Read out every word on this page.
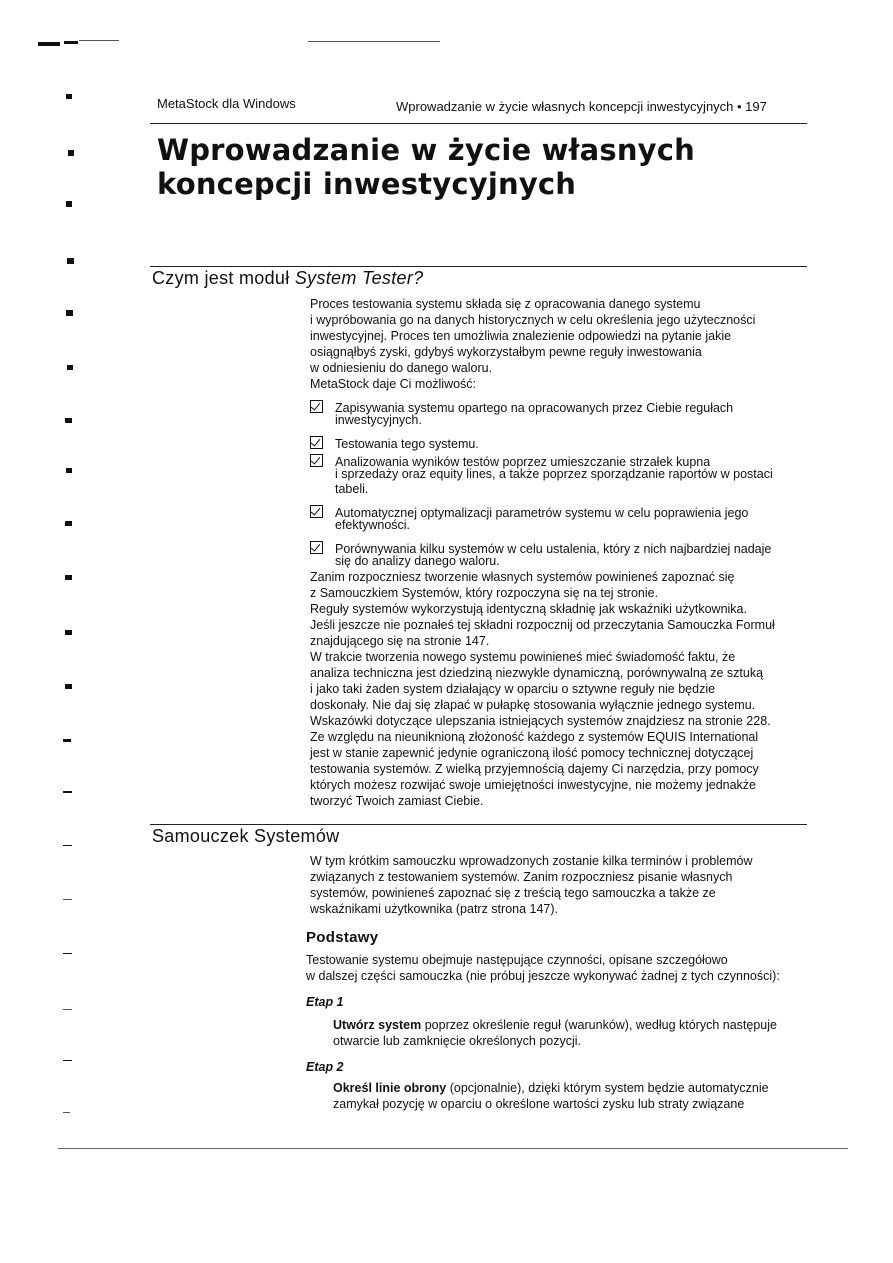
MetaStock dla Windows	Wprowadzanie w życie własnych koncepcji inwestycyjnych • 197
Wprowadzanie w życie własnych
koncepcji inwestycyjnych
Czym jest moduł System Tester?

Proces testowania systemu składa się z opracowania danego systemu

i wypróbowania go na danych historycznych w celu określenia jego użyteczności

inwestycyjnej. Proces ten umożliwia znalezienie odpowiedzi na pytanie jakie

osiągnąłbyś zyski, gdybyś wykorzystałbym pewne reguły inwestowania

w odniesieniu do danego waloru.

MetaStock daje Ci możliwość:

Zapisywania systemu opartego na opracowanych przez Ciebie regułach
inwestycyjnych.
Testowania tego systemu.
Analizowania wyników testów poprzez umieszczanie strzałek kupna
i sprzedaży oraz equity lines, a także poprzez sporządzanie raportów w postaci
tabeli.
Automatycznej optymalizacji parametrów systemu w celu poprawienia jego
efektywności.
Porównywania kilku systemów w celu ustalenia, który z nich najbardziej nadaje
się do analizy danego waloru.

Zanim rozpoczniesz tworzenie własnych systemów powinieneś zapoznać się

z Samouczkiem Systemów, który rozpoczyna się na tej stronie.

Reguły systemów wykorzystują identyczną składnię jak wskaźniki użytkownika.

Jeśli jeszcze nie poznałeś tej składni rozpocznij od przeczytania Samouczka Formuł

znajdującego się na stronie 147.

W trakcie tworzenia nowego systemu powinieneś mieć świadomość faktu, że

analiza techniczna jest dziedziną niezwykle dynamiczną, porównywalną ze sztuką

i jako taki żaden system działający w oparciu o sztywne reguły nie będzie

doskonały. Nie daj się złapać w pułapkę stosowania wyłącznie jednego systemu.

Wskazówki dotyczące ulepszania istniejących systemów znajdziesz na stronie 228.

Ze względu na nieuniknioną złożoność każdego z systemów EQUIS International

jest w stanie zapewnić jedynie ograniczoną ilość pomocy technicznej dotyczącej

testowania systemów. Z wielką przyjemnością dajemy Ci narzędzia, przy pomocy

których możesz rozwijać swoje umiejętności inwestycyjne, nie możemy jednakże

tworzyć Twoich zamiast Ciebie.

Samouczek Systemów

W tym krótkim samouczku wprowadzonych zostanie kilka terminów i problemów

związanych z testowaniem systemów. Zanim rozpoczniesz pisanie własnych

systemów, powinieneś zapoznać się z treścią tego samouczka a także ze

wskaźnikami użytkownika (patrz strona 147).

Podstawy

Testowanie systemu obejmuje następujące czynności, opisane szczegółowo

w dalszej części samouczka (nie próbuj jeszcze wykonywać żadnej z tych czynności):

Etap 1
Utwórz system poprzez określenie reguł (warunków), według których następuje
otwarcie lub zamknięcie określonych pozycji.
Etap 2
Określ linie obrony (opcjonalnie), dzięki którym system będzie automatycznie
zamykał pozycję w oparciu o określone wartości zysku lub straty związane
